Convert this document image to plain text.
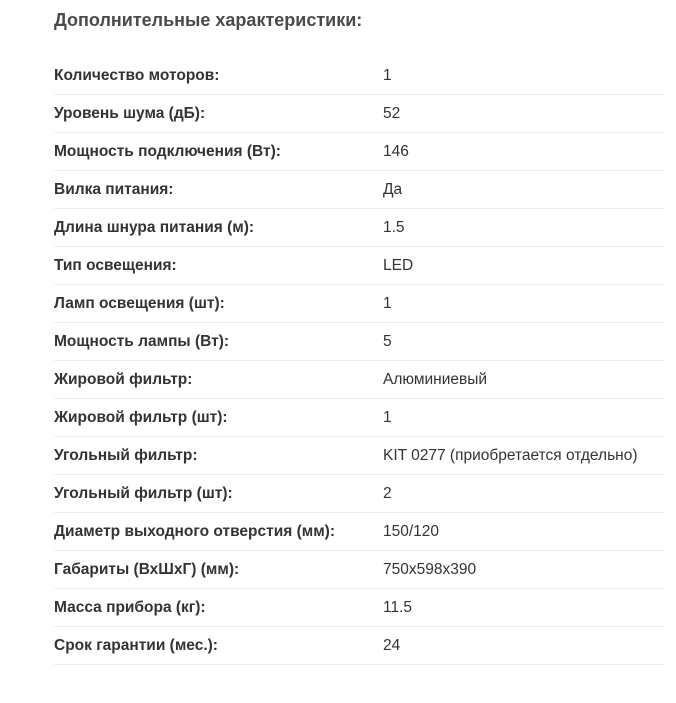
Дополнительные характеристики:
Количество моторов:	1
Уровень шума (дБ):	52
Мощность подключения (Вт):	146
Вилка питания:	Да
Длина шнура питания (м):	1.5
Тип освещения:	LED
Ламп освещения (шт):	1
Мощность лампы (Вт):	5
Жировой фильтр:	Алюминиевый
Жировой фильтр (шт):	1
Угольный фильтр:	KIT 0277 (приобретается отдельно)
Угольный фильтр (шт):	2
Диаметр выходного отверстия (мм):	150/120
Габариты (ВхШхГ) (мм):	750x598x390
Масса прибора (кг):	11.5
Срок гарантии (мес.):	24
